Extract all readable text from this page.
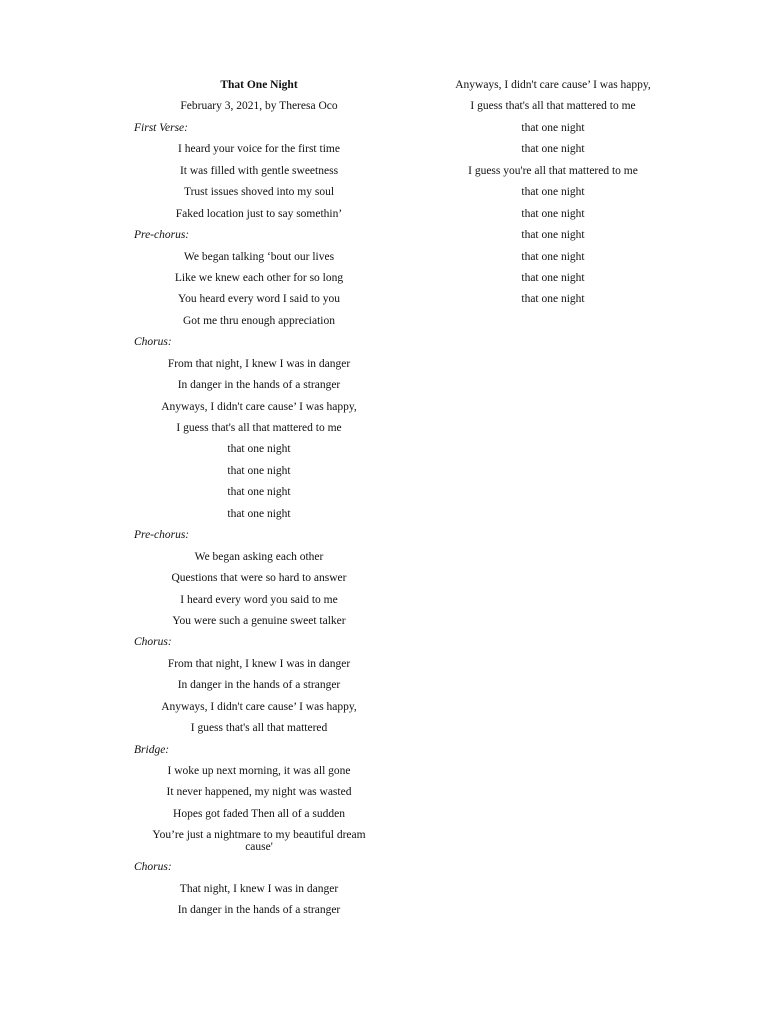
That One Night
February 3, 2021, by Theresa Oco
First Verse:
I heard your voice for the first time
It was filled with gentle sweetness
Trust issues shoved into my soul
Faked location just to say somethin’
Pre-chorus:
We began talking ‘bout our lives
Like we knew each other for so long
You heard every word I said to you
Got me thru enough appreciation
Chorus:
From that night, I knew I was in danger
In danger in the hands of a stranger
Anyways, I didn't care cause’ I was happy,
I guess that's all that mattered to me
that one night
that one night
that one night
that one night
Pre-chorus:
We began asking each other
Questions that were so hard to answer
I heard every word you said to me
You were such a genuine sweet talker
Chorus:
From that night, I knew I was in danger
In danger in the hands of a stranger
Anyways, I didn't care cause’ I was happy,
I guess that's all that mattered
Bridge:
I woke up next morning, it was all gone
It never happened, my night was wasted
Hopes got faded Then all of a sudden
You’re just a nightmare to my beautiful dream cause'
Chorus:
That night, I knew I was in danger
In danger in the hands of a stranger
Anyways, I didn't care cause’ I was happy,
I guess that's all that mattered to me
that one night
that one night
I guess you're all that mattered to me
that one night
that one night
that one night
that one night
that one night
that one night
